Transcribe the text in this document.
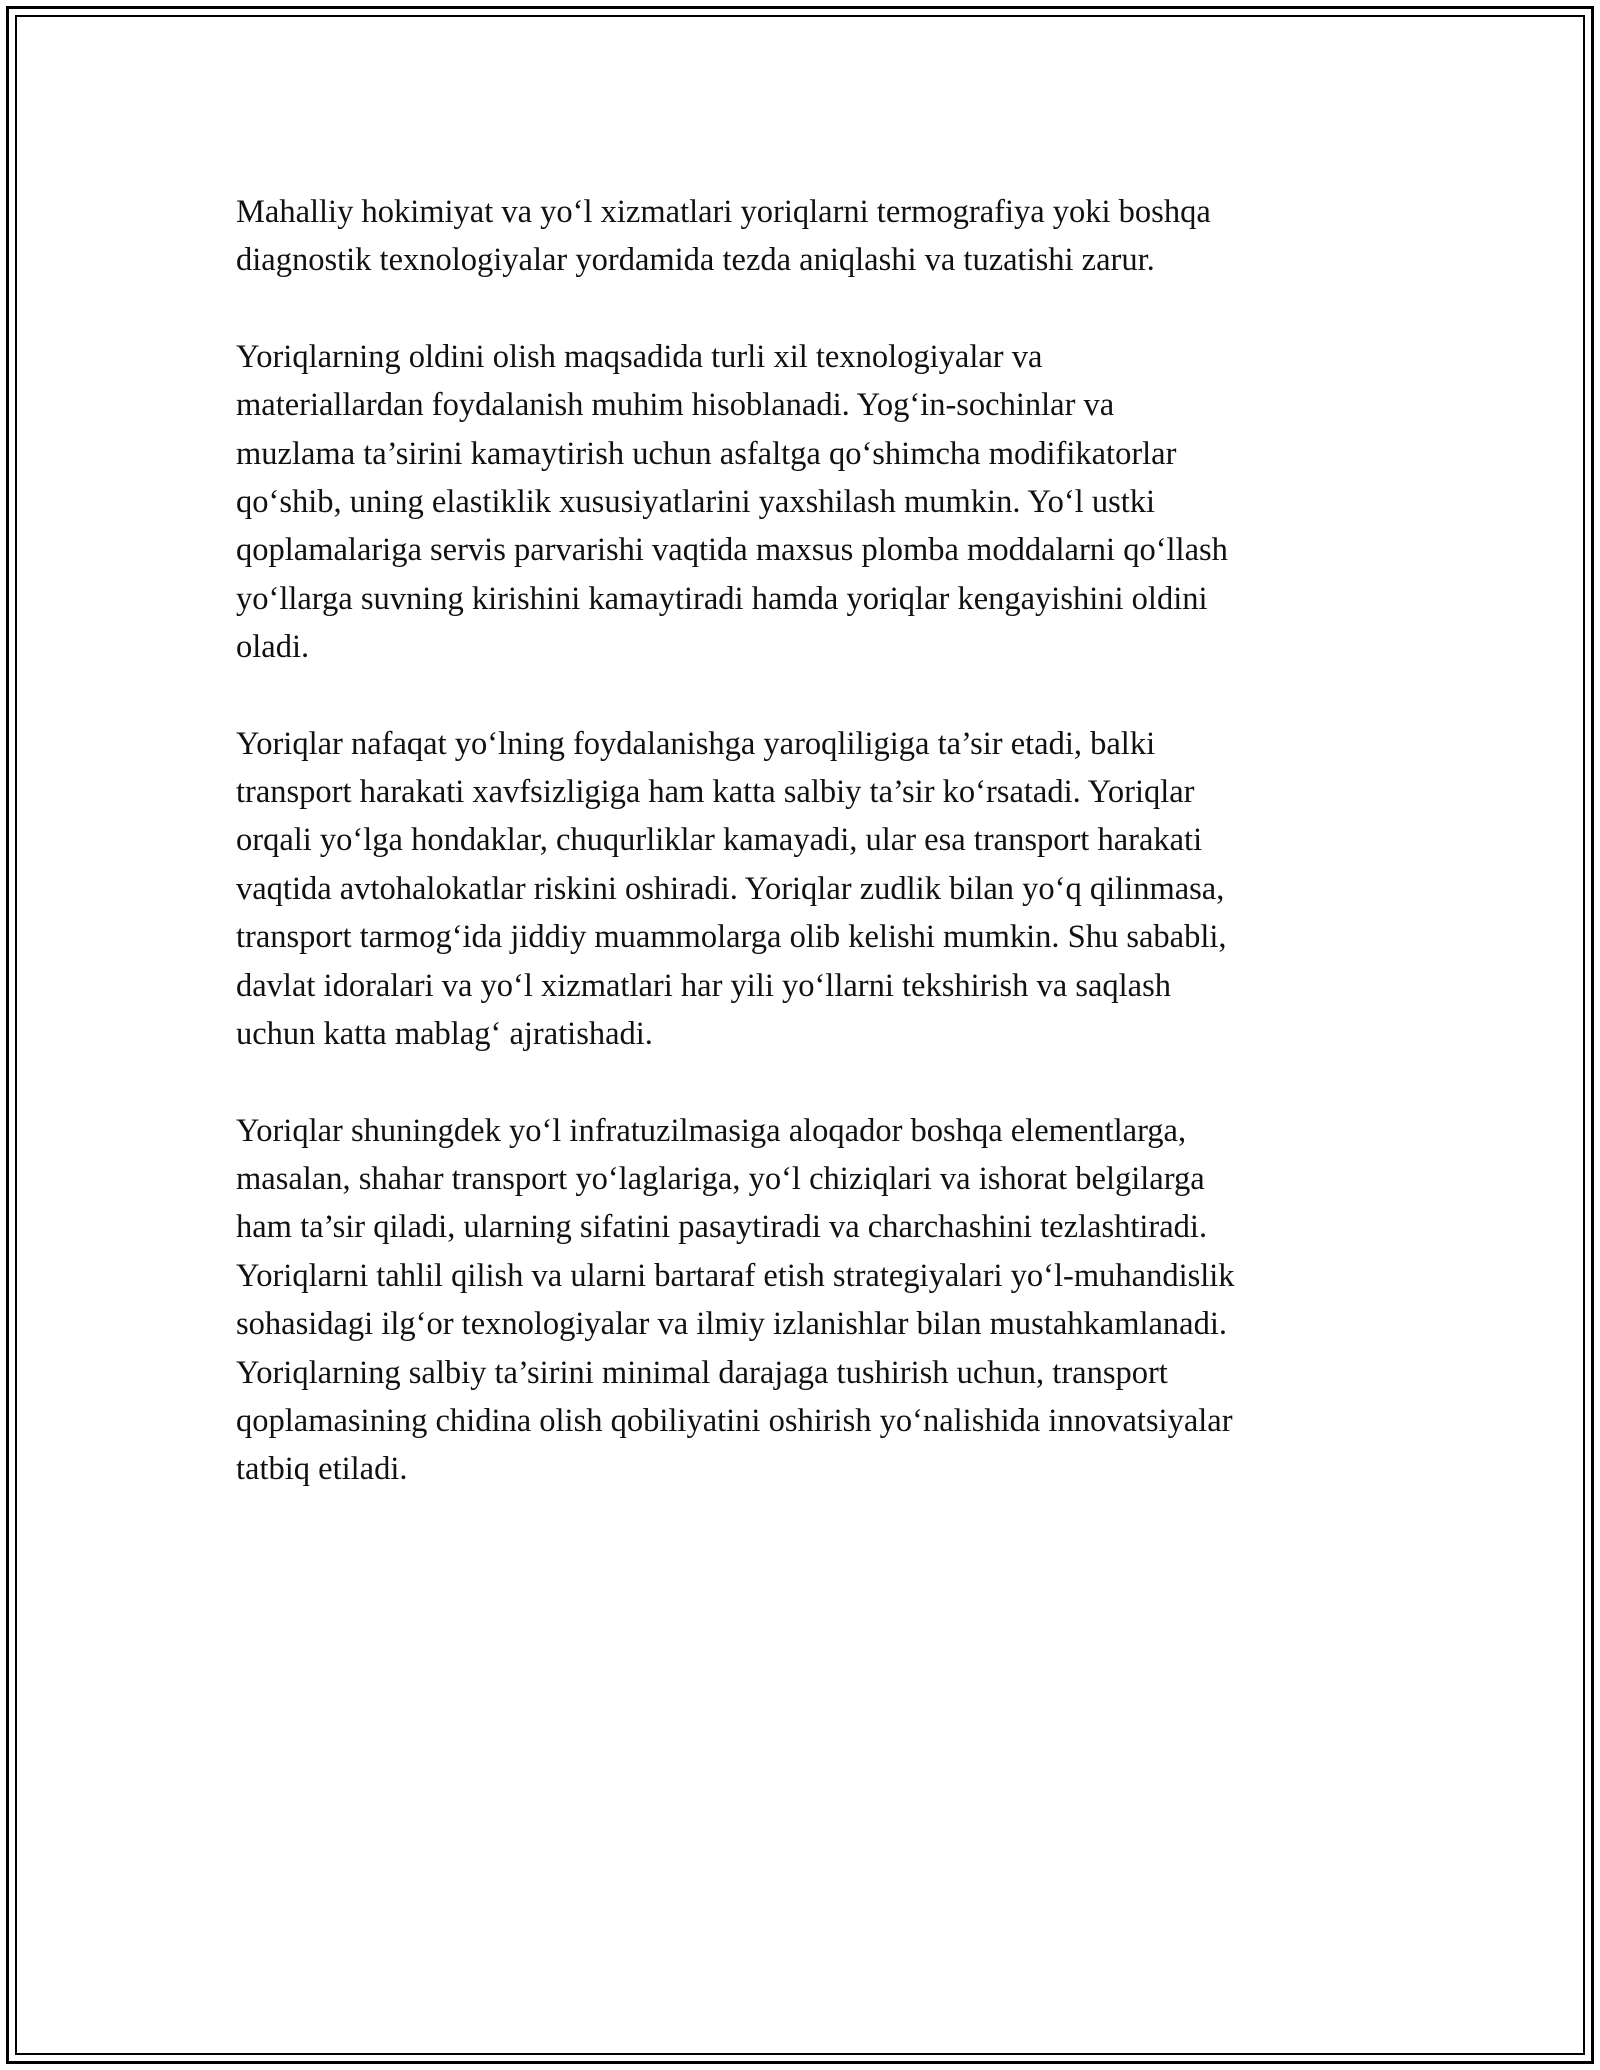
Mahalliy hokimiyat va yo‘l xizmatlari yoriqlarni termografiya yoki boshqa
diagnostik texnologiyalar yordamida tezda aniqlashi va tuzatishi zarur.

Yoriqlarning oldini olish maqsadida turli xil texnologiyalar va
materiallardan foydalanish muhim hisoblanadi. Yog‘in-sochinlar va
muzlama ta’sirini kamaytirish uchun asfaltga qo‘shimcha modifikatorlar
qo‘shib, uning elastiklik xususiyatlarini yaxshilash mumkin. Yo‘l ustki
qoplamalariga servis parvarishi vaqtida maxsus plomba moddalarni qo‘llash
yo‘llarga suvning kirishini kamaytiradi hamda yoriqlar kengayishini oldini
oladi.

Yoriqlar nafaqat yo‘lning foydalanishga yaroqliligiga ta’sir etadi, balki
transport harakati xavfsizligiga ham katta salbiy ta’sir ko‘rsatadi. Yoriqlar
orqali yo‘lga hondaklar, chuqurliklar kamayadi, ular esa transport harakati
vaqtida avtohalokatlar riskini oshiradi. Yoriqlar zudlik bilan yo‘q qilinmasa,
transport tarmog‘ida jiddiy muammolarga olib kelishi mumkin. Shu sababli,
davlat idoralari va yo‘l xizmatlari har yili yo‘llarni tekshirish va saqlash
uchun katta mablag‘ ajratishadi.

Yoriqlar shuningdek yo‘l infratuzilmasiga aloqador boshqa elementlarga,
masalan, shahar transport yo‘laglariga, yo‘l chiziqlari va ishorat belgilarga
ham ta’sir qiladi, ularning sifatini pasaytiradi va charchashini tezlashtiradi.
Yoriqlarni tahlil qilish va ularni bartaraf etish strategiyalari yo‘l-muhandislik
sohasidagi ilg‘or texnologiyalar va ilmiy izlanishlar bilan mustahkamlanadi.
Yoriqlarning salbiy ta’sirini minimal darajaga tushirish uchun, transport
qoplamasining chidina olish qobiliyatini oshirish yo‘nalishida innovatsiyalar
tatbiq etiladi.
